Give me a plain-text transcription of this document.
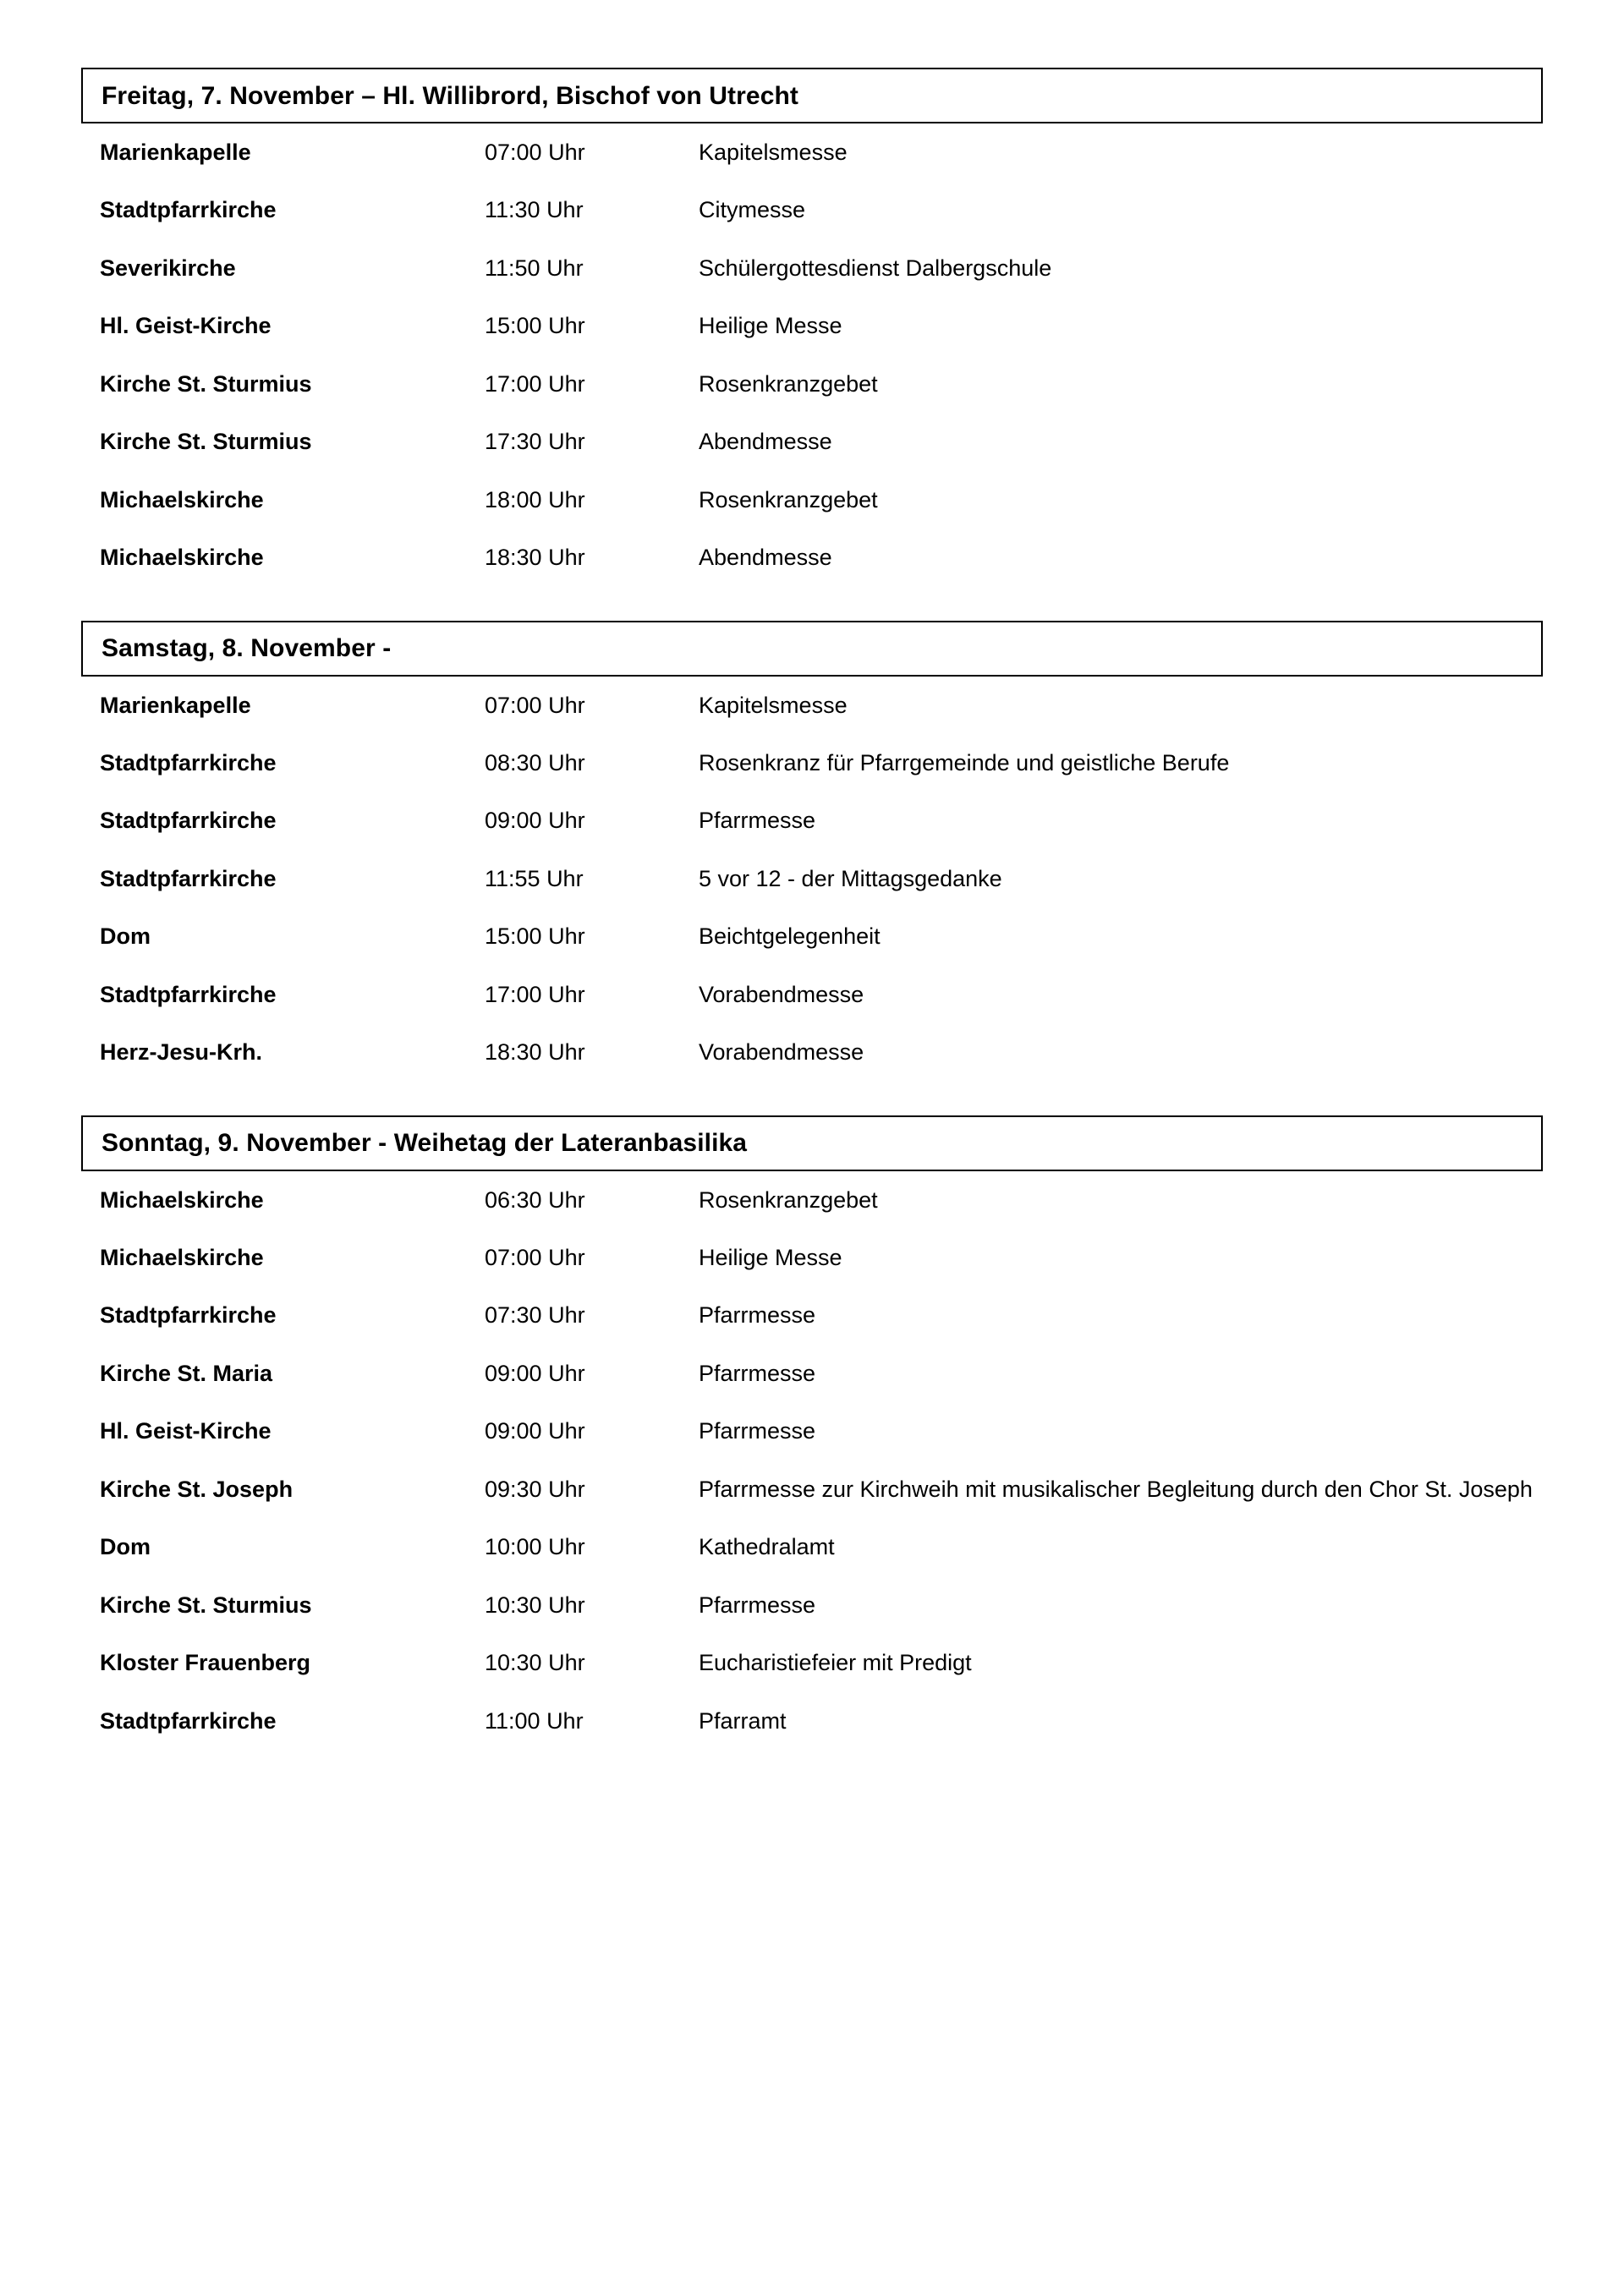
Freitag, 7. November – Hl. Willibrord, Bischof von Utrecht
Marienkapelle	07:00 Uhr	Kapitelsmesse
Stadtpfarrkirche	11:30 Uhr	Citymesse
Severikirche	11:50 Uhr	Schülergottesdienst Dalbergschule
Hl. Geist-Kirche	15:00 Uhr	Heilige Messe
Kirche St. Sturmius	17:00 Uhr	Rosenkranzgebet
Kirche St. Sturmius	17:30 Uhr	Abendmesse
Michaelskirche	18:00 Uhr	Rosenkranzgebet
Michaelskirche	18:30 Uhr	Abendmesse
Samstag, 8. November -
Marienkapelle	07:00 Uhr	Kapitelsmesse
Stadtpfarrkirche	08:30 Uhr	Rosenkranz für Pfarrgemeinde und geistliche Berufe
Stadtpfarrkirche	09:00 Uhr	Pfarrmesse
Stadtpfarrkirche	11:55 Uhr	5 vor 12 - der Mittagsgedanke
Dom	15:00 Uhr	Beichtgelegenheit
Stadtpfarrkirche	17:00 Uhr	Vorabendmesse
Herz-Jesu-Krh.	18:30 Uhr	Vorabendmesse
Sonntag, 9. November - Weihetag der Lateranbasilika
Michaelskirche	06:30 Uhr	Rosenkranzgebet
Michaelskirche	07:00 Uhr	Heilige Messe
Stadtpfarrkirche	07:30 Uhr	Pfarrmesse
Kirche St. Maria	09:00 Uhr	Pfarrmesse
Hl. Geist-Kirche	09:00 Uhr	Pfarrmesse
Kirche St. Joseph	09:30 Uhr	Pfarrmesse zur Kirchweih mit musikalischer Begleitung durch den Chor St. Joseph
Dom	10:00 Uhr	Kathedralamt
Kirche St. Sturmius	10:30 Uhr	Pfarrmesse
Kloster Frauenberg	10:30 Uhr	Eucharistiefeier mit Predigt
Stadtpfarrkirche	11:00 Uhr	Pfarramt
